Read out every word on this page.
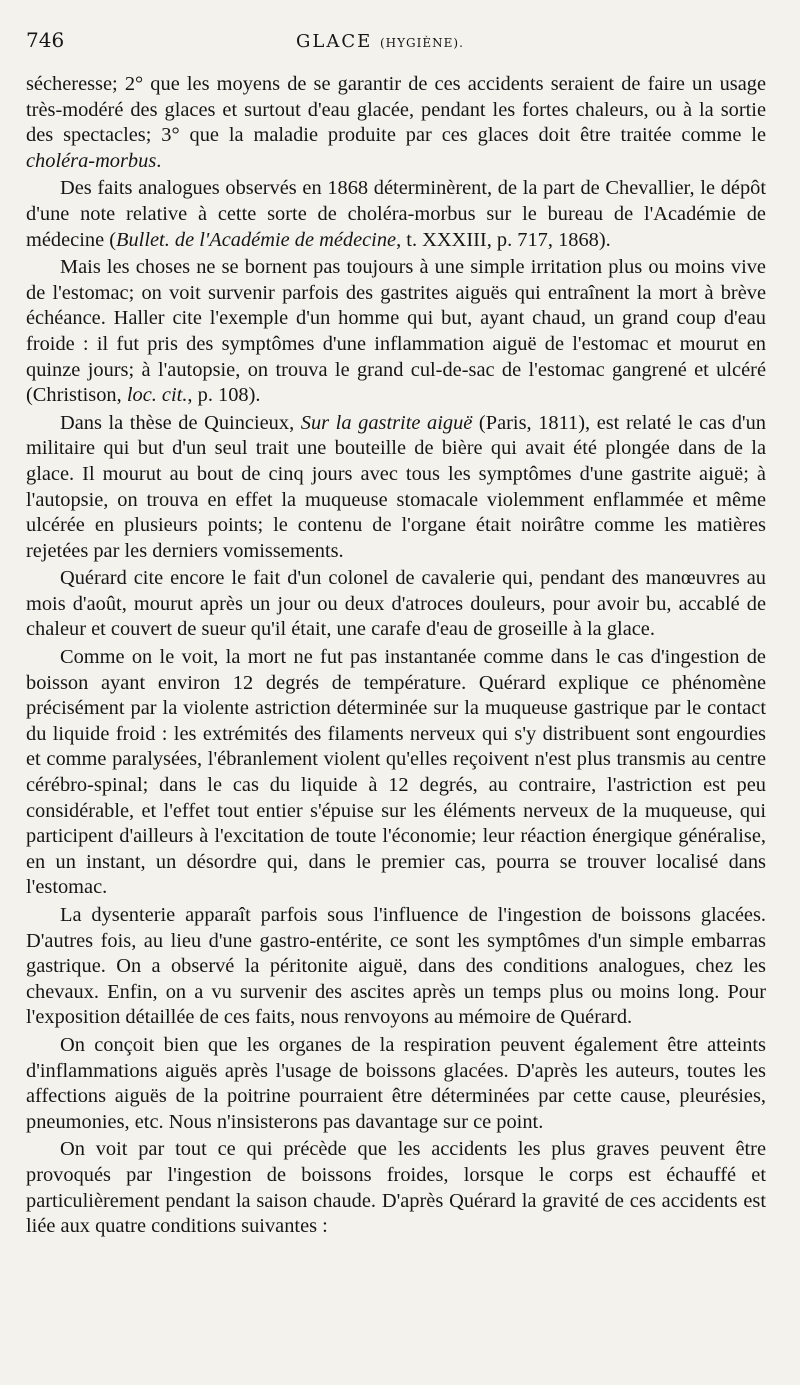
746	GLACE (HYGIÈNE).

sécheresse; 2° que les moyens de se garantir de ces accidents seraient de faire un usage très-modéré des glaces et surtout d'eau glacée, pendant les fortes chaleurs, ou à la sortie des spectacles; 3° que la maladie produite par ces glaces doit être traitée comme le choléra-morbus.

Des faits analogues observés en 1868 déterminèrent, de la part de Chevallier, le dépôt d'une note relative à cette sorte de choléra-morbus sur le bureau de l'Académie de médecine (Bullet. de l'Académie de médecine, t. XXXIII, p. 717, 1868).

Mais les choses ne se bornent pas toujours à une simple irritation plus ou moins vive de l'estomac; on voit survenir parfois des gastrites aiguës qui entraînent la mort à brève échéance. Haller cite l'exemple d'un homme qui but, ayant chaud, un grand coup d'eau froide : il fut pris des symptômes d'une inflammation aiguë de l'estomac et mourut en quinze jours; à l'autopsie, on trouva le grand cul-de-sac de l'estomac gangrené et ulcéré (Christison, loc. cit., p. 108).

Dans la thèse de Quincieux, Sur la gastrite aiguë (Paris, 1811), est relaté le cas d'un militaire qui but d'un seul trait une bouteille de bière qui avait été plongée dans de la glace. Il mourut au bout de cinq jours avec tous les symptômes d'une gastrite aiguë; à l'autopsie, on trouva en effet la muqueuse stomacale violemment enflammée et même ulcérée en plusieurs points; le contenu de l'organe était noirâtre comme les matières rejetées par les derniers vomissements.

Quérard cite encore le fait d'un colonel de cavalerie qui, pendant des manœuvres au mois d'août, mourut après un jour ou deux d'atroces douleurs, pour avoir bu, accablé de chaleur et couvert de sueur qu'il était, une carafe d'eau de groseille à la glace.

Comme on le voit, la mort ne fut pas instantanée comme dans le cas d'ingestion de boisson ayant environ 12 degrés de température. Quérard explique ce phénomène précisément par la violente astriction déterminée sur la muqueuse gastrique par le contact du liquide froid : les extrémités des filaments nerveux qui s'y distribuent sont engourdies et comme paralysées, l'ébranlement violent qu'elles reçoivent n'est plus transmis au centre cérébro-spinal; dans le cas du liquide à 12 degrés, au contraire, l'astriction est peu considérable, et l'effet tout entier s'épuise sur les éléments nerveux de la muqueuse, qui participent d'ailleurs à l'excitation de toute l'économie; leur réaction énergique généralise, en un instant, un désordre qui, dans le premier cas, pourra se trouver localisé dans l'estomac.

La dysenterie apparaît parfois sous l'influence de l'ingestion de boissons glacées. D'autres fois, au lieu d'une gastro-entérite, ce sont les symptômes d'un simple embarras gastrique. On a observé la péritonite aiguë, dans des conditions analogues, chez les chevaux. Enfin, on a vu survenir des ascites après un temps plus ou moins long. Pour l'exposition détaillée de ces faits, nous renvoyons au mémoire de Quérard.

On conçoit bien que les organes de la respiration peuvent également être atteints d'inflammations aiguës après l'usage de boissons glacées. D'après les auteurs, toutes les affections aiguës de la poitrine pourraient être déterminées par cette cause, pleurésies, pneumonies, etc. Nous n'insisterons pas davantage sur ce point.

On voit par tout ce qui précède que les accidents les plus graves peuvent être provoqués par l'ingestion de boissons froides, lorsque le corps est échauffé et particulièrement pendant la saison chaude. D'après Quérard la gravité de ces accidents est liée aux quatre conditions suivantes :
